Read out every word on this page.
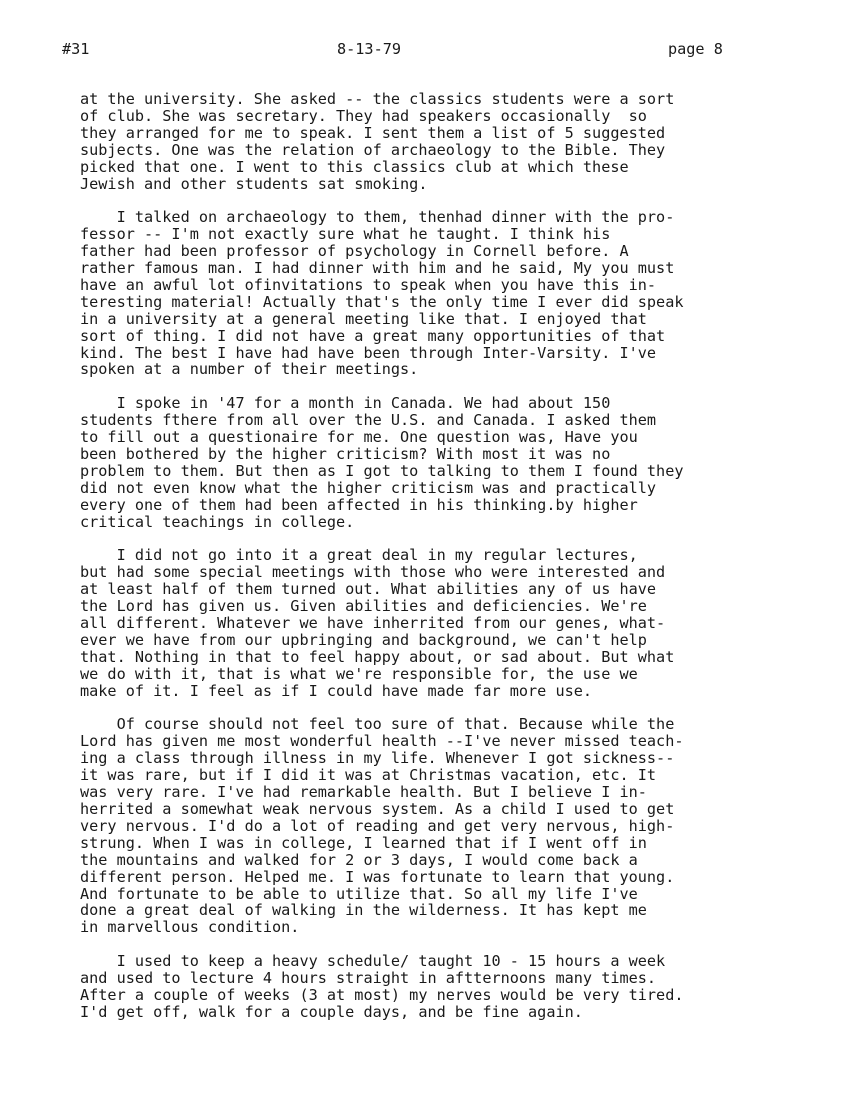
#31	8-13-79	page 8

at the university. She asked -- the classics students were a sort
of club. She was secretary. They had speakers occasionally  so
they arranged for me to speak. I sent them a list of 5 suggested
subjects. One was the relation of archaeology to the Bible. They
picked that one. I went to this classics club at which these
Jewish and other students sat smoking.

I talked on archaeology to them, thenhad dinner with the pro-
fessor -- I'm not exactly sure what he taught. I think his
father had been professor of psychology in Cornell before. A
rather famous man. I had dinner with him and he said, My you must
have an awful lot ofinvitations to speak when you have this in-
teresting material! Actually that's the only time I ever did speak
in a university at a general meeting like that. I enjoyed that
sort of thing. I did not have a great many opportunities of that
kind. The best I have had have been through Inter-Varsity. I've
spoken at a number of their meetings.

I spoke in '47 for a month in Canada. We had about 150
students fthere from all over the U.S. and Canada. I asked them
to fill out a questionaire for me. One question was, Have you
been bothered by the higher criticism? With most it was no
problem to them. But then as I got to talking to them I found they
did not even know what the higher criticism was and practically
every one of them had been affected in his thinking.by higher
critical teachings in college.

I did not go into it a great deal in my regular lectures,
but had some special meetings with those who were interested and
at least half of them turned out. What abilities any of us have
the Lord has given us. Given abilities and deficiencies. We're
all different. Whatever we have inherrited from our genes, what-
ever we have from our upbringing and background, we can't help
that. Nothing in that to feel happy about, or sad about. But what
we do with it, that is what we're responsible for, the use we
make of it. I feel as if I could have made far more use.

Of course should not feel too sure of that. Because while the
Lord has given me most wonderful health --I've never missed teach-
ing a class through illness in my life. Whenever I got sickness--
it was rare, but if I did it was at Christmas vacation, etc. It
was very rare. I've had remarkable health. But I believe I in-
herrited a somewhat weak nervous system. As a child I used to get
very nervous. I'd do a lot of reading and get very nervous, high-
strung. When I was in college, I learned that if I went off in
the mountains and walked for 2 or 3 days, I would come back a
different person. Helped me. I was fortunate to learn that young.
And fortunate to be able to utilize that. So all my life I've
done a great deal of walking in the wilderness. It has kept me
in marvellous condition.

I used to keep a heavy schedule/ taught 10 - 15 hours a week
and used to lecture 4 hours straight in aftternoons many times.
After a couple of weeks (3 at most) my nerves would be very tired.
I'd get off, walk for a couple days, and be fine again.
